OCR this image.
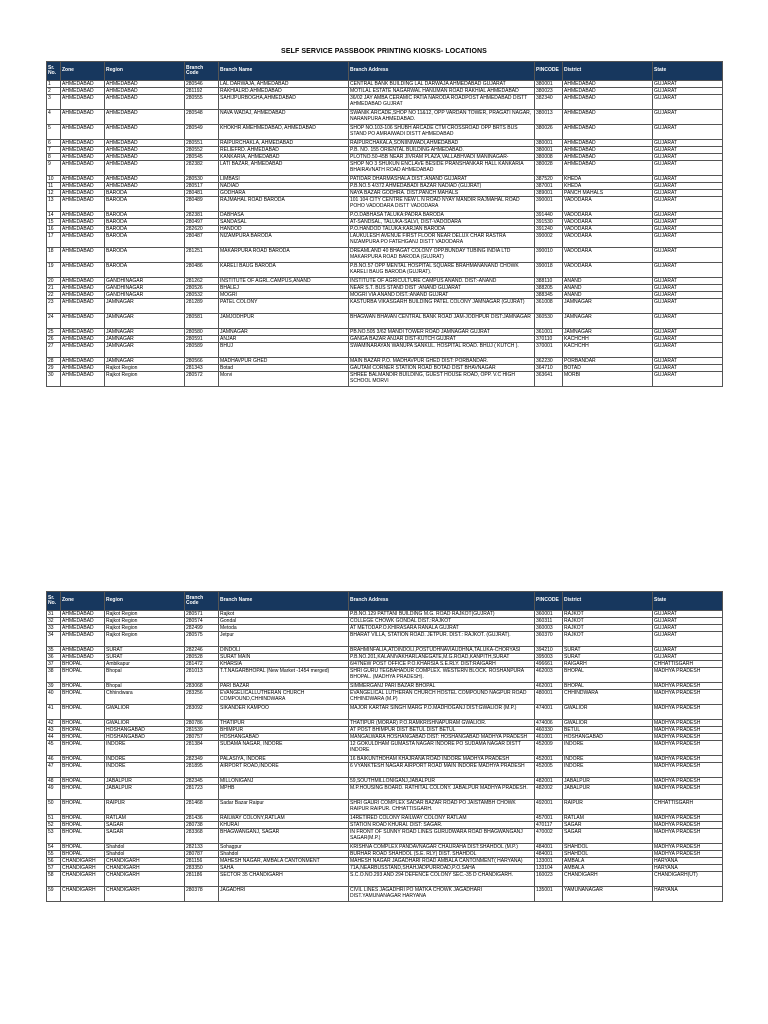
SELF SERVICE PASSBOOK PRINTING KIOSKS- LOCATIONS
Sr. No.	Zone	Region	Branch Code	Branch Name	Branch Address	PINCODE	District	State
1	AHMEDABAD	AHMEDABAD	280546	LAL DARWAJA, AHMEDABAD	CENTRAL BANK BUILDING LAL DARWAJA AHMEDABAD GUJARAT	380001	AHMEDABAD	GUJARAT
2	AHMEDABAD	AHMEDABAD	281192	RAKHIALRD.AHMEDABAD	MOTILAL ESTATE NAGARWAL HANUMAN ROAD RAKHIAL AHMEDABAD	380023	AHMEDABAD	GUJARAT
3	AHMEDABAD	AHMEDABAD	280555	SAHIJPURBOGHA,AHMEDABAD	36/02 JAY AMBA CERAMIC PATIA NARODA ROADPOST AHMEDABAD DISTT AHMEDABAD GUJRAT	382340	AHMEDABAD	GUJARAT
4	AHMEDABAD	AHMEDABAD	280548	NAVA WADAJ, AHMEDABAD	SWANIK ARCADE,SHOP NO 11&12, OPP VARDAN TOWER, PRAGATI NAGAR, NARANPURA AHMEDABAD.	380013	AHMEDABAD	GUJARAT
5	AHMEDABAD	AHMEDABAD	280549	KHOKHR AMEHMEDABAD, AHMEDABAD	SHOP NO.103-106 SHUBH ARCADE CTM CROSSROAD OPP BRTS BUS STAND PO AMRAIWADI DISTT AHMEDABAD	380026	AHMEDABAD	GUJARAT
6	AHMEDABAD	AHMEDABAD	280551	RAIPURCHAKLA, AHMEDABAD	RAIPURCHAKALA,SONIINIWADI,AHMEDABAD	380001	AHMEDABAD	GUJARAT
7	AHMEDABAD	AHMEDABAD	280552	RELIEFRD. AHMEDABAD	P.B. NO. 155 ORIENTAL BUILDING AHMEDABAD.	380001	AHMEDABAD	GUJARAT
8	AHMEDABAD	AHMEDABAD	280545	KANKARIA, AHMEDABAD	PLOTNO.50-45B NEAR JIVRAM PLAZA,VALLABHVADI MANINAGAR-	380008	AHMEDABAD	GUJARAT
9	AHMEDABAD	AHMEDABAD	282382	LATI BAZAR, AHMEDABAD	SHOP NO 3 SHUKUN ENCLAVE BESIDE PRANSHANKAR HALL KANKARIA BHAIRAVNATH ROAD AHMEDABAD	380028	AHMEDABAD	GUJARAT
10	AHMEDABAD	AHMEDABAD	280530	LIMBASI	PATIDAR DHARMASHALA DIST.:ANAND GUJARAT	387520	KHEDA	GUJARAT
11	AHMEDABAD	AHMEDABAD	280517	NADIAD	P.B.NO.5 4/372 AHMEDABADI BAZAR NADIAD (GUJRAT)	387001	KHEDA	GUJARAT
12	AHMEDABAD	BARODA	280481	GODHARA	NAYA BAZAR GODHRA. DIST.PANCH MAHALS	389001	PANCH MAHALS	GUJARAT
13	AHMEDABAD	BARODA	280489	RAJMAHAL ROAD BARODA	101 104 CITY CENTRE NEW L N ROAD NYAY MANDIR RAJMAHAL ROAD POHO VADODARA DISTT VADODARA	390001	VADODARA	GUJARAT
14	AHMEDABAD	BARODA	282381	DABHASA	P.O.DABHASA TALUKA:PADRA BARODA	391440	VADODARA	GUJARAT
15	AHMEDABAD	BARODA	280497	SANDASAL	AT-SANDSAL, TALUKA-SALVI, DIST-VADODARA	391530	VADODARA	GUJARAT
16	AHMEDABAD	BARODA	282620	HANDOD	P.O.HANDOD TALUKA:KARJAN BARODA	391240	VADODARA	GUJARAT
17	AHMEDABAD	BARODA	280487	NIZAMPURA BARODA	LAUKULESH AVENUE FIRST FLOOR NEAR DELUX CHAR RASTRA NIZAMPURA PO FATEHGANJ DISTT VADODARA	390002	VADODARA	GUJARAT
18	AHMEDABAD	BARODA	281251	MAKARPURA ROAD BARODA	DREAMLAND 40 BHAGAT COLONY OPP.BUNDAY TUBING INDIA LTD MAKARPURA ROAD BARODA (GUJRAT)	390010	VADODARA	GUJARAT
19	AHMEDABAD	BARODA	280486	KARELI BAUG BARODA	P.B.NO.57 OPP MENTAL HOSPITAL SQUARE BRAHMANANAND CHOWK KARELI BAUG BARODA (GUJRAT).	390018	VADODARA	GUJARAT
20	AHMEDABAD	GANDHINAGAR	281262	INSTITUTE OF AGRL.CAMPUS,ANAND	INSTITUTE OF AGRICULTURE CAMPUS ANAND. DIST:-ANAND	388110	ANAND	GUJARAT
21	AHMEDABAD	GANDHINAGAR	280526	BHALEJ	NEAR S.T. BUS STAND DIST :ANAND GUJARAT	388205	ANAND	GUJARAT
22	AHMEDABAD	GANDHINAGAR	280532	MOGRI	MOGRI VIA ANAND DIST.:ANAND GUJRAT	388345	ANAND	GUJARAT
23	AHMEDABAD	JAMNAGAR	281289	PATEL COLONY	KASTURBA VIKASGARH BUILDING PATEL COLONY JAMNAGAR (GUJRAT)	361008	JAMNAGAR	GUJARAT
24	AHMEDABAD	JAMNAGAR	280581	JAMJODHPUR	BHAGWAN BHAVAN CENTRAL BANK ROAD JAM-JODHPUR DIST:JAMNAGAR	360530	JAMNAGAR	GUJARAT
25	AHMEDABAD	JAMNAGAR	280580	JAMNAGAR	PB.NO.505 3/62 MANDI TOWER ROAD JAMNAGAR GUJRAT	361001	JAMNAGAR	GUJARAT
26	AHMEDABAD	JAMNAGAR	280591	ANJAR	GANGA BAZAR ANJAR DIST-KUTCH GUJRAT	370110	KACHCHH	GUJARAT
27	AHMEDABAD	JAMNAGAR	280589	BHUJ	SWAMINARAYAN WANUPA SANKUL. HOSPITAL ROAD. BHUJ ( KUTCH ).	370001	KACHCHH	GUJARAT
28	AHMEDABAD	JAMNAGAR	280566	MADHAVPUR GHED	MAIN BAZAR P.O. MADHAVPUR GHED DIST: PORBANDAR.	362230	PORBANDAR	GUJARAT
29	AHMEDABAD	Rajkot Region	281343	Botad	GAUTAM CORNER STATION ROAD BOTAD DIST BHAVNAGAR	364710	BOTAD	GUJARAT
30	AHMEDABAD	Rajkot Region	280572	Morvi	SHREE BALMANDIR BUILDING, GUEST HOUSE ROAD, OPP. V.C HIGH SCHOOL MORVI	363641	MORBI	GUJARAT
Sr. No.	Zone	Region	Branch Code	Branch Name	Branch Address	PINCODE	District	State
31	AHMEDABAD	Rajkot Region	280571	Rajkot	P.B.NO.129 PATTANI BUILDING M.G. ROAD RAJKOT(GUJRAT)	360001	RAJKOT	GUJARAT
32	AHMEDABAD	Rajkot Region	280574	Gondal	COLLEGE CHOWK GONDAL DIST.:RAJKOT	360311	RAJKOT	GUJARAT
33	AHMEDABAD	Rajkot Region	282499	Metoda	AT METODAP.O.KHIRASARA RANALA GUJRAT	360003	RAJKOT	GUJARAT
34	AHMEDABAD	Rajkot Region	280575	Jetpur	BHARAT VILLA, STATION ROAD. JETPUR. DIST.: RAJKOT. (GUJRAT).	360370	RAJKOT	GUJARAT
35	AHMEDABAD	SURAT	282246	DINDOLI	BRAHMINFALIA,ATDINDOLI,POSTUDHNAVIAUDHNA,TALUKA-CHORYASI	394210	SURAT	GUJARAT
36	AHMEDABAD	SURAT	280528	SURAT MAIN	P.B.NO.201,KALANIVAKHARLANEGATE,M.G.ROAD,KANPITH,SURAT	395003	SURAT	GUJARAT
37	BHOPAL	Ambikapur	281472	KHARSIA	6/47NEW POST OFFICE P.O.KHARSIA S.E.RLY. DIST:RAIGARH	496661	RAIGARH	CHHATTISGARH
38	BHOPAL	Bhopal	281013	T.T.NAGARBHOPAL (New Market -1454 merged)	SHRI GURU TEGBAHADUR COMPLEX. WESTERN BLOCK. ROSHANPURA BHOPAL. (MADHYA PRADESH).	462003	BHOPAL	MADHYA PRADESH
39	BHOPAL	Bhopal	283068	PARI BAZAR	SIMMERGANJ PARI BAZAR BHOPAL	462001	BHOPAL	MADHYA PRADESH
40	BHOPAL	Chhindwara	283256	EVANGELICALLUTHERAN CHURCH COMPOUND,CHHINDWARA	EVANGELICAL LUTHERAN CHURCH HOSTEL COMPOUND NAGPUR ROAD CHHINDWARA (M.P)	480001	CHHINDWARA	MADHYA PRADESH
41	BHOPAL	GWALIOR	283092	SIKANDER KAMPOO	MAJOR KARTAR SINGH MARG P.O.MADHOGANJ DIST:GWALIOR (M.P.)	474001	GWALIOR	MADHYA PRADESH
42	BHOPAL	GWALIOR	280786	THATIPUR	THATIPUR (MORAR) P.O.RAMKRISHNAPURAM GWALIOR.	474006	GWALIOR	MADHYA PRADESH
43	BHOPAL	HOSHANGABAD	281539	BHIMPUR	AT POST BHIMPUR DIST BETUL DIST BETUL	460330	BETUL	MADHYA PRADESH
44	BHOPAL	HOSHANGABAD	280757	HOSHANGABAD	MANGALWARA HOSHANGABAD DIST: HOSHANGABAD MADHYA PRADESH	461001	HOSHANGABAD	MADHYA PRADESH
45	BHOPAL	INDORE	281384	SUDAMA NAGAR, INDORE	12 GOKULDHAM GUMASTA NAGAR INDORE PO SUDAMA NAGAR DISTT INDORE	452009	INDORE	MADHYA PRADESH
46	BHOPAL	INDORE	282349	PALASIYA, INDORE	16 BAIKUNTHDHAM KHAJRANA ROAD INDORE MADHYA PRADESH	452001	INDORE	MADHYA PRADESH
47	BHOPAL	INDORE	281895	AIRPORT ROAD,INDORE	6 VYANKTESH NAGAR AIRPORT ROAD MAIN INDORE MADHYA PRADESH	452005	INDORE	MADHYA PRADESH
48	BHOPAL	JABALPUR	282345	MILLONIGANJ	59,SOUTHMILLONIGANJ,JABALPUR	482001	JABALPUR	MADHYA PRADESH
49	BHOPAL	JABALPUR	281723	MPHB	M.P.HOUSING BOARD. RATHITAL COLONY. JABALPUR MADHYA PRADESH.	482002	JABALPUR	MADHYA PRADESH
50	BHOPAL	RAIPUR	281468	Sadar Bazar Raipur	SHRI GAURI COMPLEX SADAR BAZAR ROAD PO JAISTAMBH CHOWK RAIPUR RAIPUR. CHHATTISGARH.	492001	RAIPUR	CHHATTISGARH
51	BHOPAL	RATLAM	281436	RAILWAY COLONY,RATLAM	14RETIRED COLONY RAILWAY COLONY RATLAM	457001	RATLAM	MADHYA PRADESH
52	BHOPAL	SAGAR	280738	KHURAI	STATION ROAD KHURAI. DIST: SAGAR.	470117	SAGAR	MADHYA PRADESH
53	BHOPAL	SAGAR	283368	BHAGWANGANJ, SAGAR	IN FRONT OF SUNNY ROAD LINES GURUDWARA ROAD BHAGWANGANJ SAGAR(M.P.)	470002	SAGAR	MADHYA PRADESH
54	BHOPAL	Shahdol	282133	Sohagpur	KRISHNA COMPLEX PANDAVNAGAR CHAURAHA DIST:SHAHDOL (M.P.)	484001	SHAHDOL	MADHYA PRADESH
55	BHOPAL	Shahdol	280787	Shahdol	BURHAR ROAD SHAHDOL (S.E. RLY) DIST. SHAHDOL	484001	SHAHDOL	MADHYA PRADESH
56	CHANDIGARH	CHANDIGARH	281156	MAHESH NAGAR, AMBALA CANTONMENT	MAHESH NAGAR JAGADHARI ROAD AMBALA CANTONMENT( HARYANA)	133001	AMBALA	HARYANA
57	CHANDIGARH	CHANDIGARH	283350	SAHA	71A,NEARBUSSTAND,SHAHJADPURROAD,P.O.SAHA	133104	AMBALA	HARYANA
58	CHANDIGARH	CHANDIGARH	281186	SECTOR 35 CHANDIGARH	S.C.O.NO.293 AND 294 DEFENCE COLONY SEC.-35 D CHANDIGARH.	160023	CHANDIGARH	CHANDIGARH(UT)
59	CHANDIGARH	CHANDIGARH	280378	JAGADHRI	CIVIL LINES JAGADHRI PO MATKA CHOWK JAGADHARI DIST.YAMUNANAGAR HARYANA	135001	YAMUNANAGAR	HARYANA
